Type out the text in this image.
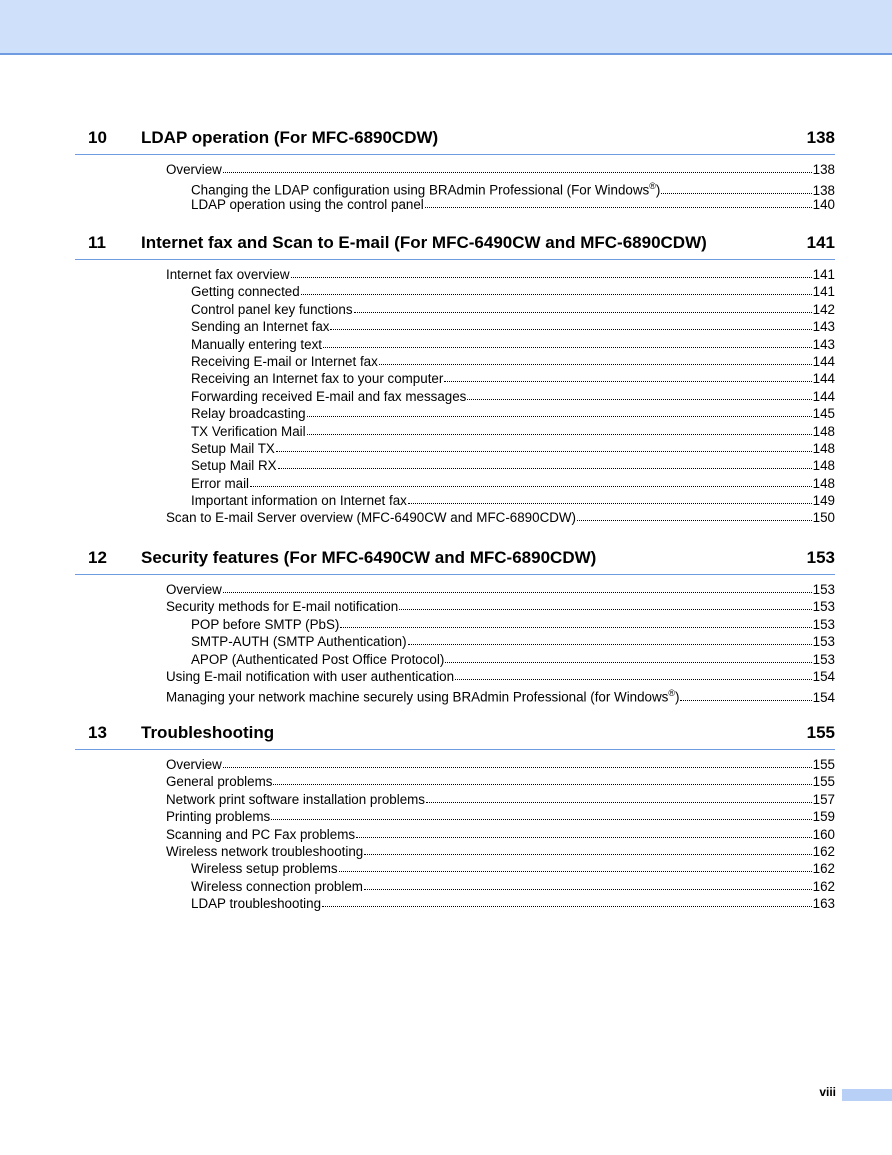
10 LDAP operation (For MFC-6890CDW)	138
Overview	138
Changing the LDAP configuration using BRAdmin Professional (For Windows®)	138
LDAP operation using the control panel	140
11 Internet fax and Scan to E-mail (For MFC-6490CW and MFC-6890CDW)	141
Internet fax overview	141
Getting connected	141
Control panel key functions	142
Sending an Internet fax	143
Manually entering text	143
Receiving E-mail or Internet fax	144
Receiving an Internet fax to your computer	144
Forwarding received E-mail and fax messages	144
Relay broadcasting	145
TX Verification Mail	148
Setup Mail TX	148
Setup Mail RX	148
Error mail	148
Important information on Internet fax	149
Scan to E-mail Server overview (MFC-6490CW and MFC-6890CDW)	150
12 Security features (For MFC-6490CW and MFC-6890CDW)	153
Overview	153
Security methods for E-mail notification	153
POP before SMTP (PbS)	153
SMTP-AUTH (SMTP Authentication)	153
APOP (Authenticated Post Office Protocol)	153
Using E-mail notification with user authentication	154
Managing your network machine securely using BRAdmin Professional (for Windows®)	154
13 Troubleshooting	155
Overview	155
General problems	155
Network print software installation problems	157
Printing problems	159
Scanning and PC Fax problems	160
Wireless network troubleshooting	162
Wireless setup problems	162
Wireless connection problem	162
LDAP troubleshooting	163
viii
